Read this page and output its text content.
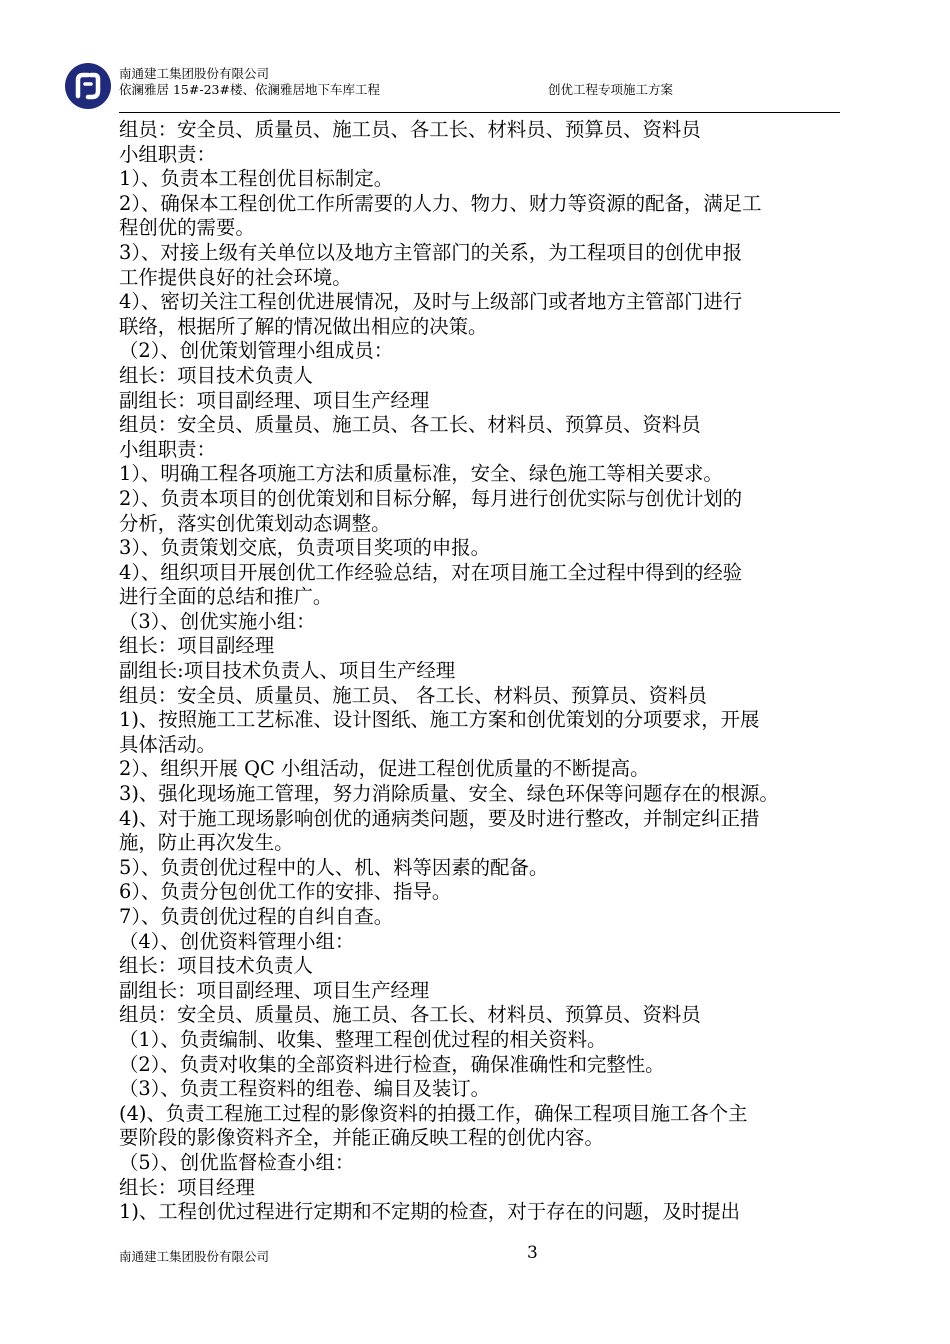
南通建工集团股份有限公司
依澜雅居 15#-23#楼、依澜雅居地下车库工程	创优工程专项施工方案
组员：安全员、质量员、施工员、各工长、材料员、预算员、资料员
小组职责：
1）、负责本工程创优目标制定。
2）、确保本工程创优工作所需要的人力、物力、财力等资源的配备，满足工
程创优的需要。
3）、对接上级有关单位以及地方主管部门的关系，为工程项目的创优申报
工作提供良好的社会环境。
4）、密切关注工程创优进展情况，及时与上级部门或者地方主管部门进行
联络，根据所了解的情况做出相应的决策。
（2）、创优策划管理小组成员：
组长：项目技术负责人
副组长：项目副经理、项目生产经理
组员：安全员、质量员、施工员、各工长、材料员、预算员、资料员
小组职责：
1）、明确工程各项施工方法和质量标准，安全、绿色施工等相关要求。
2）、负责本项目的创优策划和目标分解，每月进行创优实际与创优计划的
分析，落实创优策划动态调整。
3）、负责策划交底，负责项目奖项的申报。
4）、组织项目开展创优工作经验总结，对在项目施工全过程中得到的经验
进行全面的总结和推广。
（3）、创优实施小组：
组长：项目副经理
副组长:项目技术负责人、项目生产经理
组员：安全员、质量员、施工员、 各工长、材料员、预算员、资料员
1)、按照施工工艺标准、设计图纸、施工方案和创优策划的分项要求，开展
具体活动。
2）、组织开展 QC 小组活动，促进工程创优质量的不断提高。
3)、强化现场施工管理，努力消除质量、安全、绿色环保等问题存在的根源。
4)、对于施工现场影响创优的通病类问题，要及时进行整改，并制定纠正措
施，防止再次发生。
5）、负责创优过程中的人、机、料等因素的配备。
6）、负责分包创优工作的安排、指导。
7）、负责创优过程的自纠自查。
（4）、创优资料管理小组：
组长：项目技术负责人
副组长：项目副经理、项目生产经理
组员：安全员、质量员、施工员、各工长、材料员、预算员、资料员
（1）、负责编制、收集、整理工程创优过程的相关资料。
（2）、负责对收集的全部资料进行检查，确保准确性和完整性。
（3）、负责工程资料的组卷、编目及装订。
(4)、负责工程施工过程的影像资料的拍摄工作，确保工程项目施工各个主
要阶段的影像资料齐全，并能正确反映工程的创优内容。
（5）、创优监督检查小组：
组长：项目经理
1)、工程创优过程进行定期和不定期的检查，对于存在的问题，及时提出
南通建工集团股份有限公司	3
